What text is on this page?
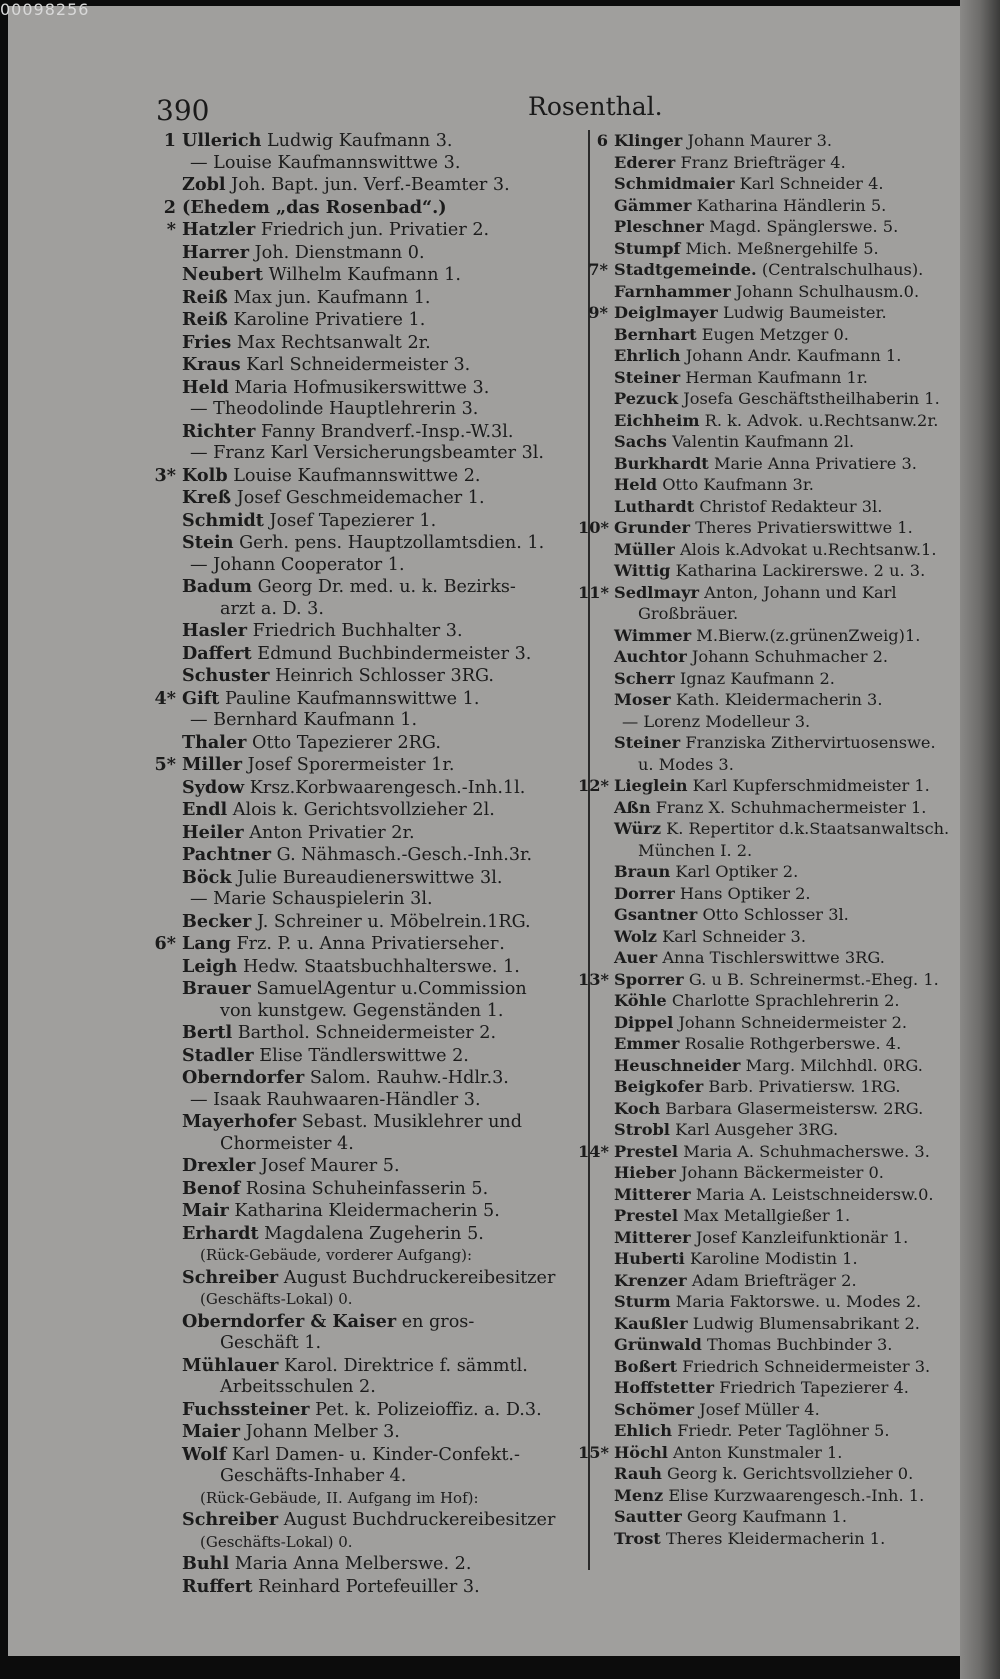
390	Rosenthal.
1 Ullerich Ludwig Kaufmann 3.
— Louise Kaufmannswittwe 3.
Zobl Joh. Bapt. jun. Verf.-Beamter 3.
2 (Ehedem „das Rosenbad“.)
* Hatzler Friedrich jun. Privatier 2.
Harrer Joh. Dienstmann 0.
Neubert Wilhelm Kaufmann 1.
Reiß Max jun. Kaufmann 1.
Reiß Karoline Privatiere 1.
Fries Max Rechtsanwalt 2r.
Kraus Karl Schneidermeister 3.
Held Maria Hofmusikerswittwe 3.
— Theodolinde Hauptlehrerin 3.
Richter Fanny Brandverf.-Insp.-W.3l.
— Franz Karl Versicherungsbeamter 3l.
3* Kolb Louise Kaufmannswittwe 2.
Kreß Josef Geschmeidemacher 1.
Schmidt Josef Tapezierer 1.
Stein Gerh. pens. Hauptzollamtsdien. 1.
— Johann Cooperator 1.
Badum Georg Dr. med. u. k. Bezirks-
arzt a. D. 3.
Hasler Friedrich Buchhalter 3.
Daffert Edmund Buchbindermeister 3.
Schuster Heinrich Schlosser 3RG.
4* Gift Pauline Kaufmannswittwe 1.
— Bernhard Kaufmann 1.
Thaler Otto Tapezierer 2RG.
5* Miller Josef Sporermeister 1r.
Sydow Krsz.Korbwaarengesch.-Inh.1l.
Endl Alois k. Gerichtsvollzieher 2l.
Heiler Anton Privatier 2r.
Pachtner G. Nähmasch.-Gesch.-Inh.3r.
Böck Julie Bureaudienerswittwe 3l.
— Marie Schauspielerin 3l.
Becker J. Schreiner u. Möbelrein.1RG.
6* Lang Frz. P. u. Anna Privatiersehег.
Leigh Hedw. Staatsbuchhalterswe. 1.
Brauer SamuelAgentur u.Commission
von kunstgew. Gegenständen 1.
Bertl Barthol. Schneidermeister 2.
Stadler Elise Tändlerswittwe 2.
Oberndorfer Salom. Rauhw.-Hdlr.3.
— Isaak Rauhwaaren-Händler 3.
Mayerhofer Sebast. Musiklehrer und
Chormeister 4.
Drexler Josef Maurer 5.
Benof Rosina Schuheinfasserin 5.
Mair Katharina Kleidermacherin 5.
Erhardt Magdalena Zugeherin 5.
(Rück-Gebäude, vorderer Aufgang):
Schreiber August Buchdruckereibesitzer
(Geschäfts-Lokal) 0.
Oberndorfer & Kaiser en gros-
Geschäft 1.
Mühlauer Karol. Direktrice f. sämmtl.
Arbeitsschulen 2.
Fuchssteiner Pet. k. Polizeioffiz. a. D.3.
Maier Johann Melber 3.
Wolf Karl Damen- u. Kinder-Confekt.-
Geschäfts-Inhaber 4.
(Rück-Gebäude, II. Aufgang im Hof):
Schreiber August Buchdruckereibesitzer
(Geschäfts-Lokal) 0.
Buhl Maria Anna Melberswe. 2.
Ruffert Reinhard Portefeuiller 3.
6 Klinger Johann Maurer 3.
Ederer Franz Briefträger 4.
Schmidmaier Karl Schneider 4.
Gämmer Katharina Händlerin 5.
Pleschner Magd. Spänglerswe. 5.
Stumpf Mich. Meßnergehilfe 5.
7* Stadtgemeinde. (Centralschulhaus).
Farnhammer Johann Schulhausm.0.
9* Deiglmayer Ludwig Baumeister.
Bernhart Eugen Metzger 0.
Ehrlich Johann Andr. Kaufmann 1.
Steiner Herman Kaufmann 1r.
Pezuck Josefa Geschäftstheilhaberin 1.
Eichheim R. k. Advok. u.Rechtsanw.2r.
Sachs Valentin Kaufmann 2l.
Burkhardt Marie Anna Privatiere 3.
Held Otto Kaufmann 3r.
Luthardt Christof Redakteur 3l.
10* Grunder Theres Privatierswittwe 1.
Müller Alois k.Advokat u.Rechtsanw.1.
Wittig Katharina Lackirerswe. 2 u. 3.
11* Sedlmayr Anton, Johann und Karl
Großbräuer.
Wimmer M.Bierw.(z.grünenZweig)1.
Auchtor Johann Schuhmacher 2.
Scherr Ignaz Kaufmann 2.
Moser Kath. Kleidermacherin 3.
— Lorenz Modelleur 3.
Steiner Franziska Zithervirtuosenswe.
u. Modes 3.
12* Lieglein Karl Kupferschmidmeister 1.
Aßn Franz X. Schuhmachermeister 1.
Würz K. Repertitor d.k.Staatsanwaltsch.
München I. 2.
Braun Karl Optiker 2.
Dorrer Hans Optiker 2.
Gsantner Otto Schlosser 3l.
Wolz Karl Schneider 3.
Auer Anna Tischlerswittwe 3RG.
13* Sporrer G. u B. Schreinermst.-Eheg. 1.
Köhle Charlotte Sprachlehrerin 2.
Dippel Johann Schneidermeister 2.
Emmer Rosalie Rothgerberswe. 4.
Heuschneider Marg. Milchhdl. 0RG.
Beigkofer Barb. Privatiersw. 1RG.
Koch Barbara Glasermeistersw. 2RG.
Strobl Karl Ausgeher 3RG.
14* Prestel Maria A. Schuhmacherswe. 3.
Hieber Johann Bäckermeister 0.
Mitterer Maria A. Leistschneidersw.0.
Prestel Max Metallgießer 1.
Mitterer Josef Kanzleifunktionär 1.
Huberti Karoline Modistin 1.
Krenzer Adam Briefträger 2.
Sturm Maria Faktorswe. u. Modes 2.
Kaußler Ludwig Blumensabrikant 2.
Grünwald Thomas Buchbinder 3.
Boßert Friedrich Schneidermeister 3.
Hoffstetter Friedrich Tapezierer 4.
Schömer Josef Müller 4.
Ehlich Friedr. Peter Taglöhner 5.
15* Höchl Anton Kunstmaler 1.
Rauh Georg k. Gerichtsvollzieher 0.
Menz Elise Kurzwaarengesch.-Inh. 1.
Sautter Georg Kaufmann 1.
Trost Theres Kleidermacherin 1.
00098256
